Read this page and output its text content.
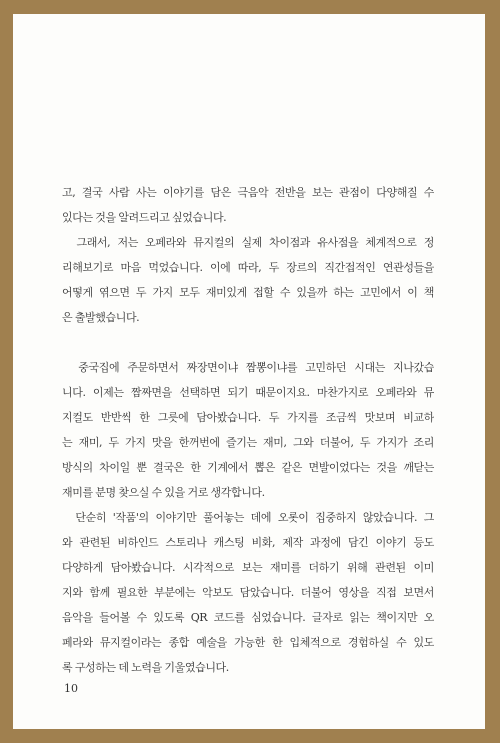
고, 결국 사람 사는 이야기를 담은 극음악 전반을 보는 관점이 다양해질 수
있다는 것을 알려드리고 싶었습니다.
그래서, 저는 오페라와 뮤지컬의 실제 차이점과 유사점을 체계적으로 정
리해보기로 마음 먹었습니다. 이에 따라, 두 장르의 직간접적인 연관성들을
어떻게 엮으면 두 가지 모두 재미있게 접할 수 있을까 하는 고민에서 이 책
은 출발했습니다.
중국집에 주문하면서 짜장면이냐 짬뽕이냐를 고민하던 시대는 지나갔습
니다. 이제는 짬짜면을 선택하면 되기 때문이지요. 마찬가지로 오페라와 뮤
지컬도 반반씩 한 그릇에 담아봤습니다. 두 가지를 조금씩 맛보며 비교하
는 재미, 두 가지 맛을 한꺼번에 즐기는 재미, 그와 더불어, 두 가지가 조리
방식의 차이일 뿐 결국은 한 기계에서 뽑은 같은 면발이었다는 것을 깨닫는
재미를 분명 찾으실 수 있을 거로 생각합니다.
단순히 '작품'의 이야기만 풀어놓는 데에 오롯이 집중하지 않았습니다. 그
와 관련된 비하인드 스토리나 캐스팅 비화, 제작 과정에 담긴 이야기 등도
다양하게 담아봤습니다. 시각적으로 보는 재미를 더하기 위해 관련된 이미
지와 함께 필요한 부분에는 악보도 담았습니다. 더불어 영상을 직접 보면서
음악을 들어볼 수 있도록 QR 코드를 심었습니다. 글자로 읽는 책이지만 오
페라와 뮤지컬이라는 종합 예술을 가능한 한 입체적으로 경험하실 수 있도
록 구성하는 데 노력을 기울였습니다.
10
